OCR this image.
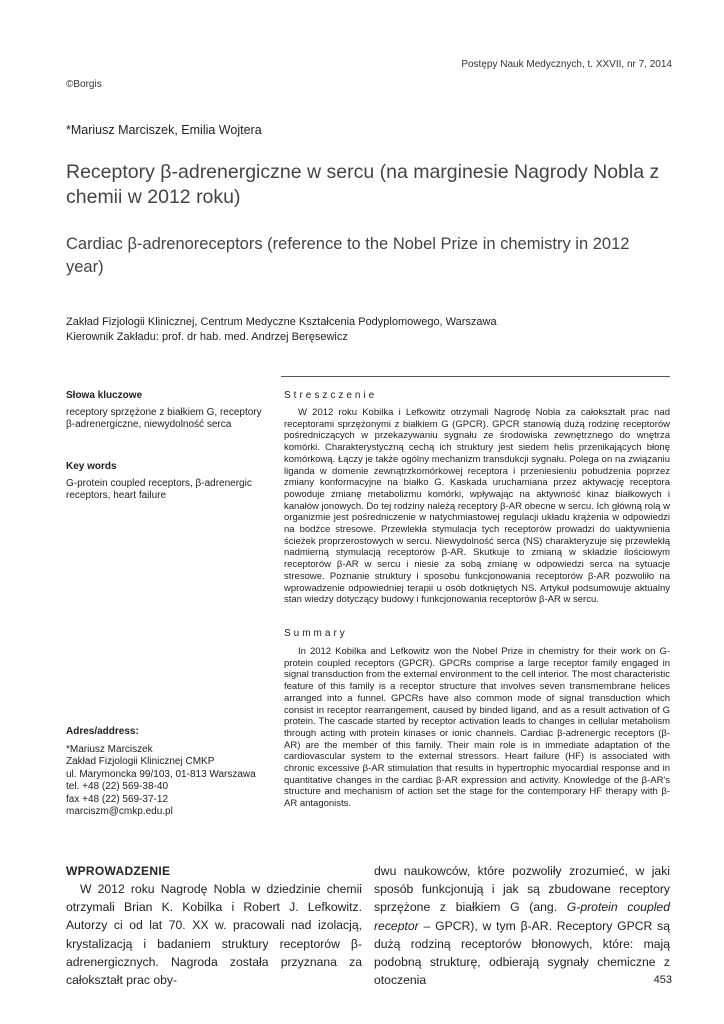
Postępy Nauk Medycznych, t. XXVII, nr 7, 2014
©Borgis
*Mariusz Marciszek, Emilia Wojtera
Receptory β-adrenergiczne w sercu (na marginesie Nagrody Nobla z chemii w 2012 roku)
Cardiac β-adrenoreceptors (reference to the Nobel Prize in chemistry in 2012 year)
Zakład Fizjologii Klinicznej, Centrum Medyczne Kształcenia Podyplomowego, Warszawa
Kierownik Zakładu: prof. dr hab. med. Andrzej Beręsewicz
Słowa kluczowe
receptory sprzężone z białkiem G, receptory β-adrenergiczne, niewydolność serca
Key words
G-protein coupled receptors, β-adrenergic receptors, heart failure
Adres/address:
*Mariusz Marciszek
Zakład Fizjologii Klinicznej CMKP
ul. Marymoncka 99/103, 01-813 Warszawa
tel. +48 (22) 569-38-40
fax +48 (22) 569-37-12
marciszm@cmkp.edu.pl
Streszczenie

W 2012 roku Kobilka i Lefkowitz otrzymali Nagrodę Nobla za całokształt prac nad receptorami sprzężonymi z białkiem G (GPCR). GPCR stanowią dużą rodzinę receptorów pośredniczących w przekazywaniu sygnału ze środowiska zewnętrznego do wnętrza komórki. Charakterystyczną cechą ich struktury jest siedem helis przenikających błonę komórkową. Łączy je także ogólny mechanizm transdukcji sygnału. Polega on na związaniu liganda w domenie zewnątrzkomórkowej receptora i przeniesieniu pobudzenia poprzez zmiany konformacyjne na białko G. Kaskada uruchamiana przez aktywację receptora powoduje zmianę metabolizmu komórki, wpływając na aktywność kinaz białkowych i kanałów jonowych. Do tej rodziny należą receptory β-AR obecne w sercu. Ich główną rolą w organizmie jest pośredniczenie w natychmiastowej regulacji układu krążenia w odpowiedzi na bodźce stresowe. Przewlekła stymulacja tych receptorów prowadzi do uaktywnienia ścieżek proprzerostowych w sercu. Niewydolność serca (NS) charakteryzuje się przewlekłą nadmierną stymulacją receptorów β-AR. Skutkuje to zmianą w składzie ilościowym receptorów β-AR w sercu i niesie za sobą zmianę w odpowiedzi serca na sytuacje stresowe. Poznanie struktury i sposobu funkcjonowania receptorów β-AR pozwoliło na wprowadzenie odpowiedniej terapii u osób dotkniętych NS. Artykuł podsumowuje aktualny stan wiedzy dotyczący budowy i funkcjonowania receptorów β-AR w sercu.

Summary

In 2012 Kobilka and Lefkowitz won the Nobel Prize in chemistry for their work on G-protein coupled receptors (GPCR). GPCRs comprise a large receptor family engaged in signal transduction from the external environment to the cell interior. The most characteristic feature of this family is a receptor structure that involves seven transmembrane helices arranged into a funnel. GPCRs have also common mode of signal transduction which consist in receptor rearrangement, caused by binded ligand, and as a result activation of G protein. The cascade started by receptor activation leads to changes in cellular metabolism through acting with protein kinases or ionic channels. Cardiac β-adrenergic receptors (β-AR) are the member of this family. Their main role is in immediate adaptation of the cardiovascular system to the external stressors. Heart failure (HF) is associated with chronic excessive β-AR stimulation that results in hypertrophic myocardial response and in quantitative changes in the cardiac β-AR expression and activity. Knowledge of the β-AR's structure and mechanism of action set the stage for the contemporary HF therapy with β-AR antagonists.

WPROWADZENIE

W 2012 roku Nagrodę Nobla w dziedzinie chemii otrzymali Brian K. Kobilka i Robert J. Lefkowitz. Autorzy ci od lat 70. XX w. pracowali nad izolacją, krystalizacją i badaniem struktury receptorów β-adrenergicznych. Nagroda została przyznana za całokształt prac oby-

dwu naukowców, które pozwoliły zrozumieć, w jaki sposób funkcjonują i jak są zbudowane receptory sprzężone z białkiem G (ang. G-protein coupled receptor – GPCR), w tym β-AR. Receptory GPCR są dużą rodziną receptorów błonowych, które: mają podobną strukturę, odbierają sygnały chemiczne z otoczenia	453
